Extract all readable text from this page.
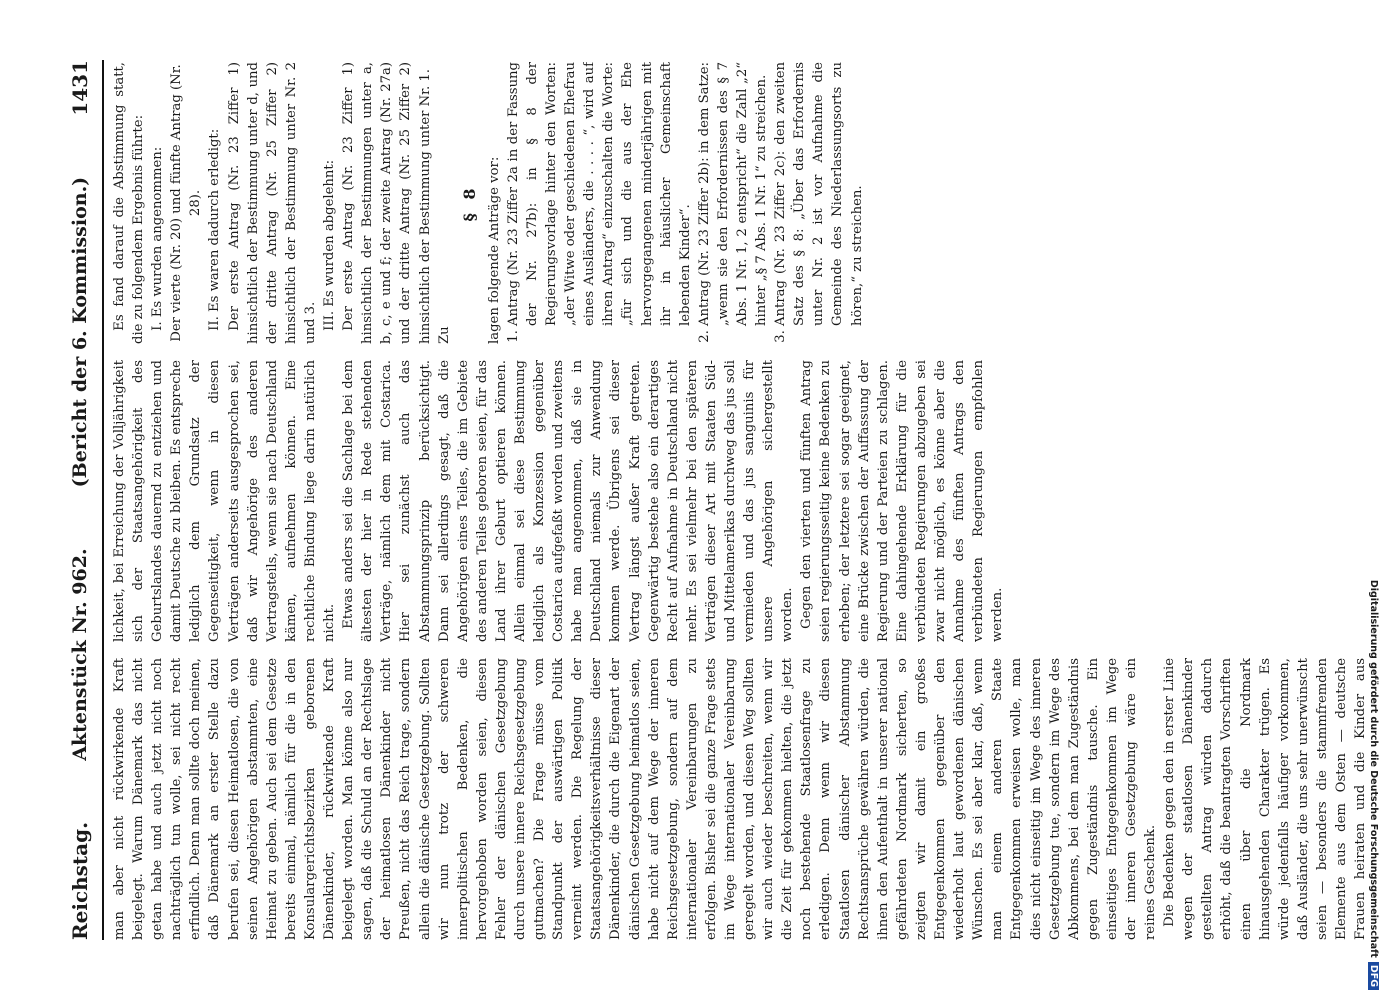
Reichstag.
Aktenstück Nr. 962.
(Bericht der 6. Kommission.)
1431

man aber nicht rückwirkende Kraft beigelegt. Warum Dänemark das nicht getan habe und auch jetzt nicht noch nachträglich tun wolle, sei nicht recht erfindlich. Denn man sollte doch meinen, daß Dänemark an erster Stelle dazu berufen sei, diesen Heimatlosen, die von seinen Angehörigen abstammten, eine Heimat zu geben. Auch sei dem Gesetze bereits einmal, nämlich für die in den Konsulargerichtsbezirken geborenen Dänenkinder, rückwirkende Kraft beigelegt worden. Man könne also nur sagen, daß die Schuld an der Rechtslage der heimatlosen Dänenkinder nicht Preußen, nicht das Reich trage, sondern allein die dänische Gesetzgebung. Sollten wir nun trotz der schweren innerpolitischen Bedenken, die hervorgehoben worden seien, diesen Fehler der dänischen Gesetzgebung durch unsere innere Reichsgesetzgebung gutmachen? Die Frage müsse vom Standpunkt der auswärtigen Politik verneint werden. Die Regelung der Staatsangehörigkeitsverhältnisse dieser Dänenkinder, die durch die Eigenart der dänischen Gesetzgebung heimatlos seien, habe nicht auf dem Wege der inneren Reichsgesetzgebung, sondern auf dem internationaler Vereinbarungen zu erfolgen. Bisher sei die ganze Frage stets im Wege internationaler Vereinbarung geregelt worden, und diesen Weg sollten wir auch wieder beschreiten, wenn wir die Zeit für gekommen hielten, die jetzt noch bestehende Staatlosenfrage zu erledigen. Denn wenn wir diesen Staatlosen dänischer Abstammung Rechtsansprüche gewähren würden, die ihnen den Aufenthalt in unserer national gefährdeten Nordmark sicherten, so zeigten wir damit ein großes Entgegenkommen gegenüber den wiederholt laut gewordenen dänischen Wünschen. Es sei aber klar, daß, wenn man einem anderen Staate Entgegenkommen erweisen wolle, man dies nicht einseitig im Wege des inneren Gesetzgebung tue, sondern im Wege des Abkommens, bei dem man Zugeständnis gegen Zugeständnis tausche. Ein einseitiges Entgegenkommen im Wege der inneren Gesetzgebung wäre ein reines Geschenk. Die Bedenken gegen den in erster Linie wegen der staatlosen Dänenkinder gestellten Antrag würden dadurch erhöht, daß die beantragten Vorschriften einen über die Nordmark hinausgehenden Charakter trügen. Es würde jedenfalls häufiger vorkommen, daß Ausländer, die uns sehr unerwünscht seien — besonders die stammfremden Elemente aus dem Osten — deutsche Frauen heiraten und die Kinder aus

lichkeit, bei Erreichung der Volljährigkeit sich der Staatsangehörigkeit des Geburtslandes dauernd zu entziehen und damit Deutsche zu bleiben. Es entspreche lediglich dem Grundsatz der Gegenseitigkeit, wenn in diesen Verträgen anderseits ausgesprochen sei, daß wir Angehörige des anderen Vertragsteils, wenn sie nach Deutschland kämen, aufnehmen können. Eine rechtliche Bindung liege darin natürlich nicht. Etwas anders sei die Sachlage bei dem ältesten der hier in Rede stehenden Verträge, nämlich dem mit Costarica. Hier sei zunächst auch das Abstammungsprinzip berücksichtigt. Dann sei allerdings gesagt, daß die Angehörigen eines Teiles, die im Gebiete des anderen Teiles geboren seien, für das Land ihrer Geburt optieren können. Allein einmal sei diese Bestimmung lediglich als Konzession gegenüber Costarica aufgefaßt worden und zweitens habe man angenommen, daß sie in Deutschland niemals zur Anwendung kommen werde. Übrigens sei dieser Vertrag längst außer Kraft getreten. Gegenwärtig bestehe also ein derartiges Recht auf Aufnahme in Deutschland nicht mehr. Es sei vielmehr bei den späteren Verträgen dieser Art mit Staaten Süd- und Mittelamerikas durchweg das jus soli vermieden und das jus sanguinis für unsere Angehörigen sichergestellt worden. Gegen den vierten und fünften Antrag seien regierungsseitig keine Bedenken zu erheben; der letztere sei sogar geeignet, eine Brücke zwischen der Auffassung der Regierung und der Parteien zu schlagen. Eine dahingehende Erklärung für die verbündeten Regierungen abzugeben sei zwar nicht möglich, es könne aber die Annahme des fünften Antrags den verbündeten Regierungen empfohlen werden.

Es fand darauf die Abstimmung statt, die zu folgendem Ergebnis führte: I. Es wurden angenommen: Der vierte (Nr. 20) und fünfte Antrag (Nr. 28).

II. Es waren dadurch erledigt: Der erste Antrag (Nr. 23 Ziffer 1) hinsichtlich der Bestimmung unter d, und der dritte Antrag (Nr. 25 Ziffer 2) hinsichtlich der Bestimmung unter Nr. 2 und 3. III. Es wurden abgelehnt: Der erste Antrag (Nr. 23 Ziffer 1) hinsichtlich der Bestimmungen unter a, b, c, e und f; der zweite Antrag (Nr. 27a) und der dritte Antrag (Nr. 25 Ziffer 2) hinsichtlich der Bestimmung unter Nr. 1. Zu

§ 8 lagen folgende Anträge vor: 1. Antrag (Nr. 23 Ziffer 2a in der Fassung der Nr. 27b): in § 8 der Regierungsvorlage hinter den Worten: „der Witwe oder geschiedenen Ehefrau eines Ausländers, die . . . . “, wird auf ihren Antrag“ einzuschalten die Worte: „für sich und die aus der Ehe hervorgegangenen minderjährigen mit ihr in häuslicher Gemeinschaft lebenden Kinder“. 2. Antrag (Nr. 23 Ziffer 2b): in dem Satze: „wenn sie den Erfordernissen des § 7 Abs. 1 Nr. 1, 2 entspricht“ die Zahl „2“ hinter „§ 7 Abs. 1 Nr. 1“ zu streichen. 3. Antrag (Nr. 23 Ziffer 2c): den zweiten Satz des § 8: „Über das Erfordernis unter Nr. 2 ist vor Aufnahme die Gemeinde des Niederlassungsorts zu hören,“ zu streichen.
Digitalisierung gefördert durch die Deutsche ForschungsgemeinschaftDFG
